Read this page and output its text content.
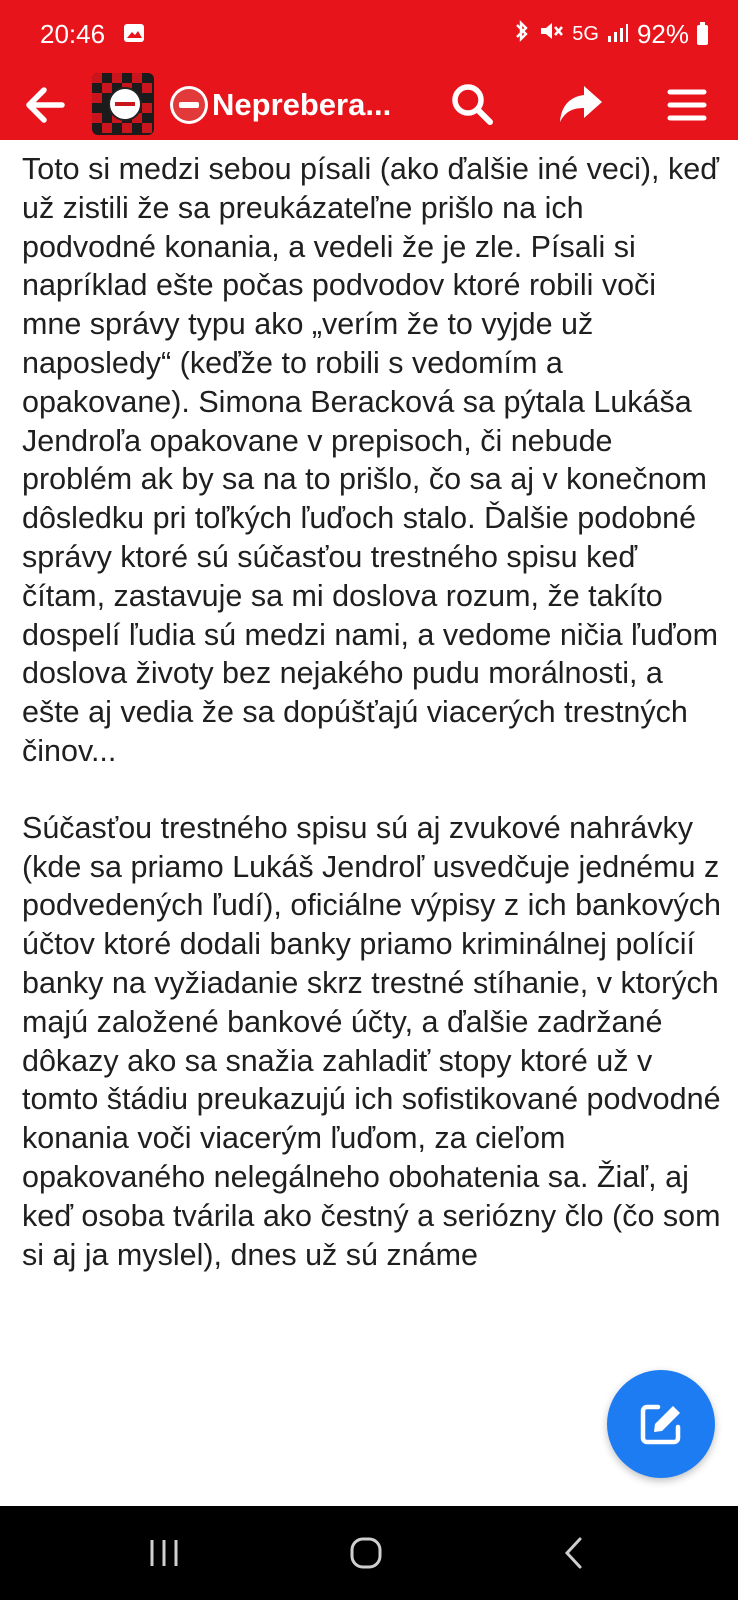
20:46	5G 92%
Neprebera...

Toto si medzi sebou písali (ako ďalšie iné veci), keď už zistili že sa preukázateľne prišlo na ich podvodné konania, a vedeli že je zle. Písali si napríklad ešte počas podvodov ktoré robili voči mne správy typu ako „verím že to vyjde už naposledy“ (keďže to robili s vedomím a opakovane). Simona Beracková sa pýtala Lukáša Jendroľa opakovane v prepisoch, či nebude problém ak by sa na to prišlo, čo sa aj v konečnom dôsledku pri toľkých ľuďoch stalo. Ďalšie podobné správy ktoré sú súčasťou trestného spisu keď čítam, zastavuje sa mi doslova rozum, že takíto dospelí ľudia sú medzi nami, a vedome ničia ľuďom doslova životy bez nejakého pudu morálnosti, a ešte aj vedia že sa dopúšťajú viacerých trestných činov...

Súčasťou trestného spisu sú aj zvukové nahrávky (kde sa priamo Lukáš Jendroľ usvedčuje jednému z podvedených ľudí), oficiálne výpisy z ich bankových účtov ktoré dodali banky priamo kriminálnej polícií banky na vyžiadanie skrz trestné stíhanie, v ktorých majú založené bankové účty, a ďalšie zadržané dôkazy ako sa snažia zahladiť stopy ktoré už v tomto štádiu preukazujú ich sofistikované podvodné konania voči viacerým ľuďom, za cieľom opakovaného nelegálneho obohatenia sa. Žiaľ, aj keď osoba tvárila ako čestný a seriózny člo (čo som si aj ja myslel), dnes už sú známe
